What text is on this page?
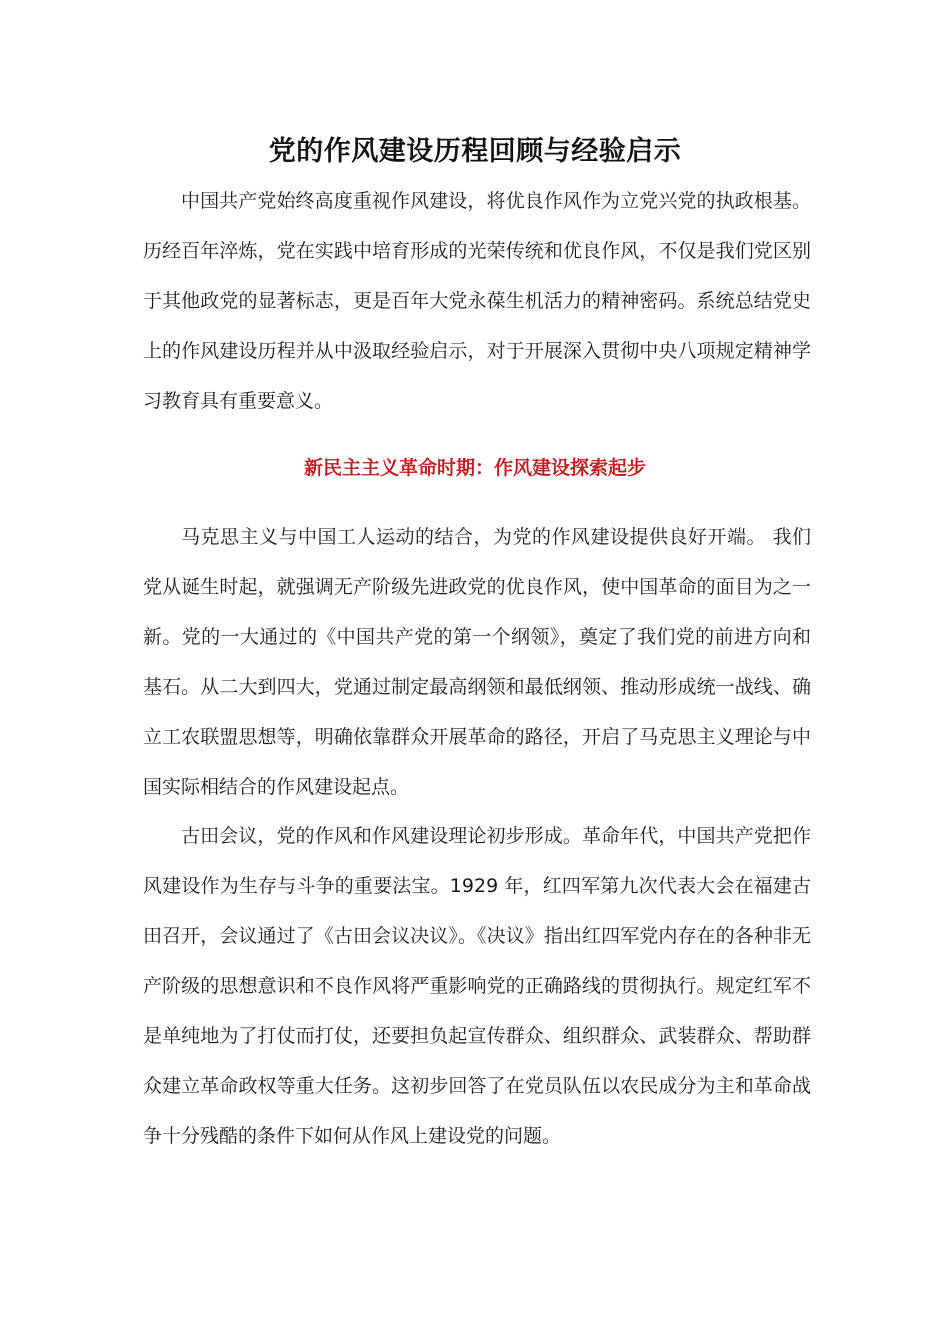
党的作风建设历程回顾与经验启示

中国共产党始终高度重视作风建设，将优良作风作为立党兴党的执政根基。历经百年淬炼，党在实践中培育形成的光荣传统和优良作风，不仅是我们党区别于其他政党的显著标志，更是百年大党永葆生机活力的精神密码。系统总结党史上的作风建设历程并从中汲取经验启示，对于开展深入贯彻中央八项规定精神学习教育具有重要意义。

新民主主义革命时期：作风建设探索起步

马克思主义与中国工人运动的结合，为党的作风建设提供良好开端。 我们党从诞生时起，就强调无产阶级先进政党的优良作风，使中国革命的面目为之一新。党的一大通过的《中国共产党的第一个纲领》，奠定了我们党的前进方向和基石。从二大到四大，党通过制定最高纲领和最低纲领、推动形成统一战线、确立工农联盟思想等，明确依靠群众开展革命的路径，开启了马克思主义理论与中国实际相结合的作风建设起点。

古田会议，党的作风和作风建设理论初步形成。革命年代，中国共产党把作风建设作为生存与斗争的重要法宝。1929 年，红四军第九次代表大会在福建古田召开，会议通过了《古田会议决议》。《决议》指出红四军党内存在的各种非无产阶级的思想意识和不良作风将严重影响党的正确路线的贯彻执行。规定红军不是单纯地为了打仗而打仗，还要担负起宣传群众、组织群众、武装群众、帮助群众建立革命政权等重大任务。这初步回答了在党员队伍以农民成分为主和革命战争十分残酷的条件下如何从作风上建设党的问题。
